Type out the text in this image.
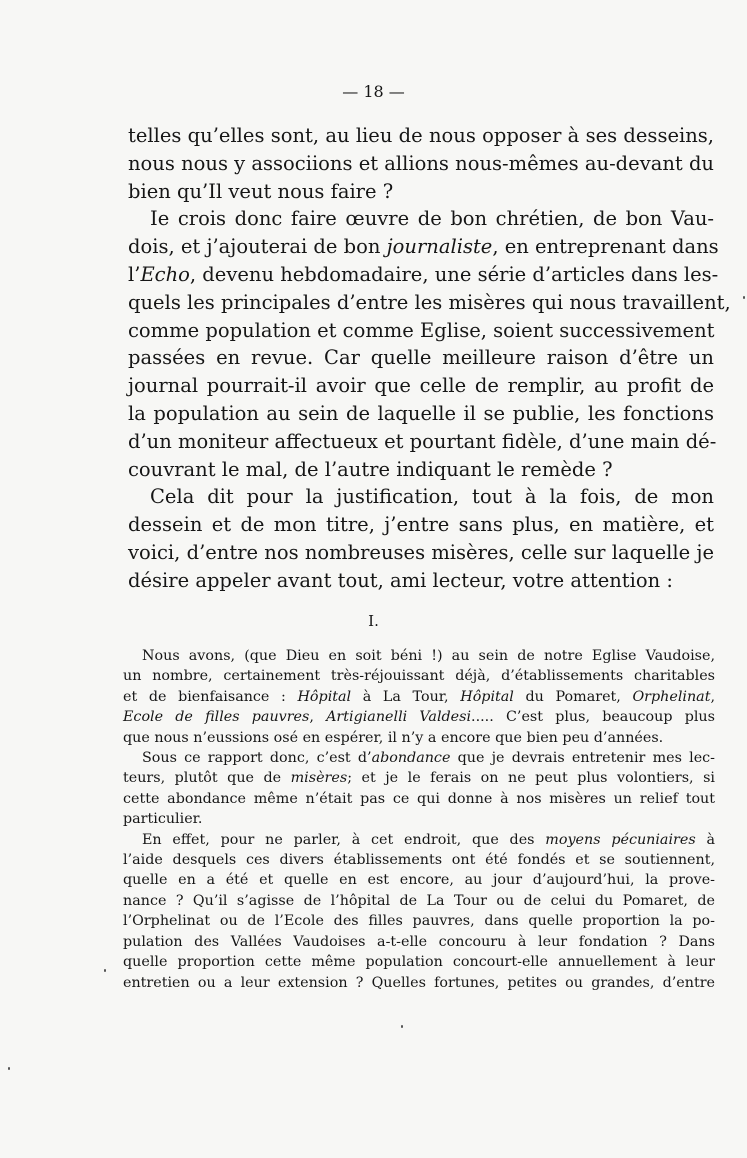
— 18 —
telles qu’elles sont, au lieu de nous opposer à ses desseins,
nous nous y associions et allions nous-mêmes au-devant du
bien qu’Il veut nous faire ?
Ie crois donc faire œuvre de bon chrétien, de bon Vau-
dois, et j’ajouterai de bon journaliste, en entreprenant dans
l’Echo, devenu hebdomadaire, une série d’articles dans les-
quels les principales d’entre les misères qui nous travaillent,
comme population et comme Eglise, soient successivement
passées en revue. Car quelle meilleure raison d’être un
journal pourrait-il avoir que celle de remplir, au profit de
la population au sein de laquelle il se publie, les fonctions
d’un moniteur affectueux et pourtant fidèle, d’une main dé-
couvrant le mal, de l’autre indiquant le remède ?
Cela dit pour la justification, tout à la fois, de mon
dessein et de mon titre, j’entre sans plus, en matière, et
voici, d’entre nos nombreuses misères, celle sur laquelle je
désire appeler avant tout, ami lecteur, votre attention :
I.
Nous avons, (que Dieu en soit béni !) au sein de notre Eglise Vaudoise,
un nombre, certainement très-réjouissant déjà, d’établissements charitables
et de bienfaisance : Hôpital à La Tour, Hôpital du Pomaret, Orphelinat,
Ecole de filles pauvres, Artigianelli Valdesi..... C’est plus, beaucoup plus
que nous n’eussions osé en espérer, il n’y a encore que bien peu d’années.
Sous ce rapport donc, c’est d’abondance que je devrais entretenir mes lec-
teurs, plutôt que de misères; et je le ferais on ne peut plus volontiers, si
cette abondance même n’était pas ce qui donne à nos misères un relief tout
particulier.
En effet, pour ne parler, à cet endroit, que des moyens pécuniaires à
l’aide desquels ces divers établissements ont été fondés et se soutiennent,
quelle en a été et quelle en est encore, au jour d’aujourd’hui, la prove-
nance ? Qu’il s’agisse de l’hôpital de La Tour ou de celui du Pomaret, de
l’Orphelinat ou de l’Ecole des filles pauvres, dans quelle proportion la po-
pulation des Vallées Vaudoises a-t-elle concouru à leur fondation ? Dans
quelle proportion cette même population concourt-elle annuellement à leur
entretien ou a leur extension ? Quelles fortunes, petites ou grandes, d’entre
